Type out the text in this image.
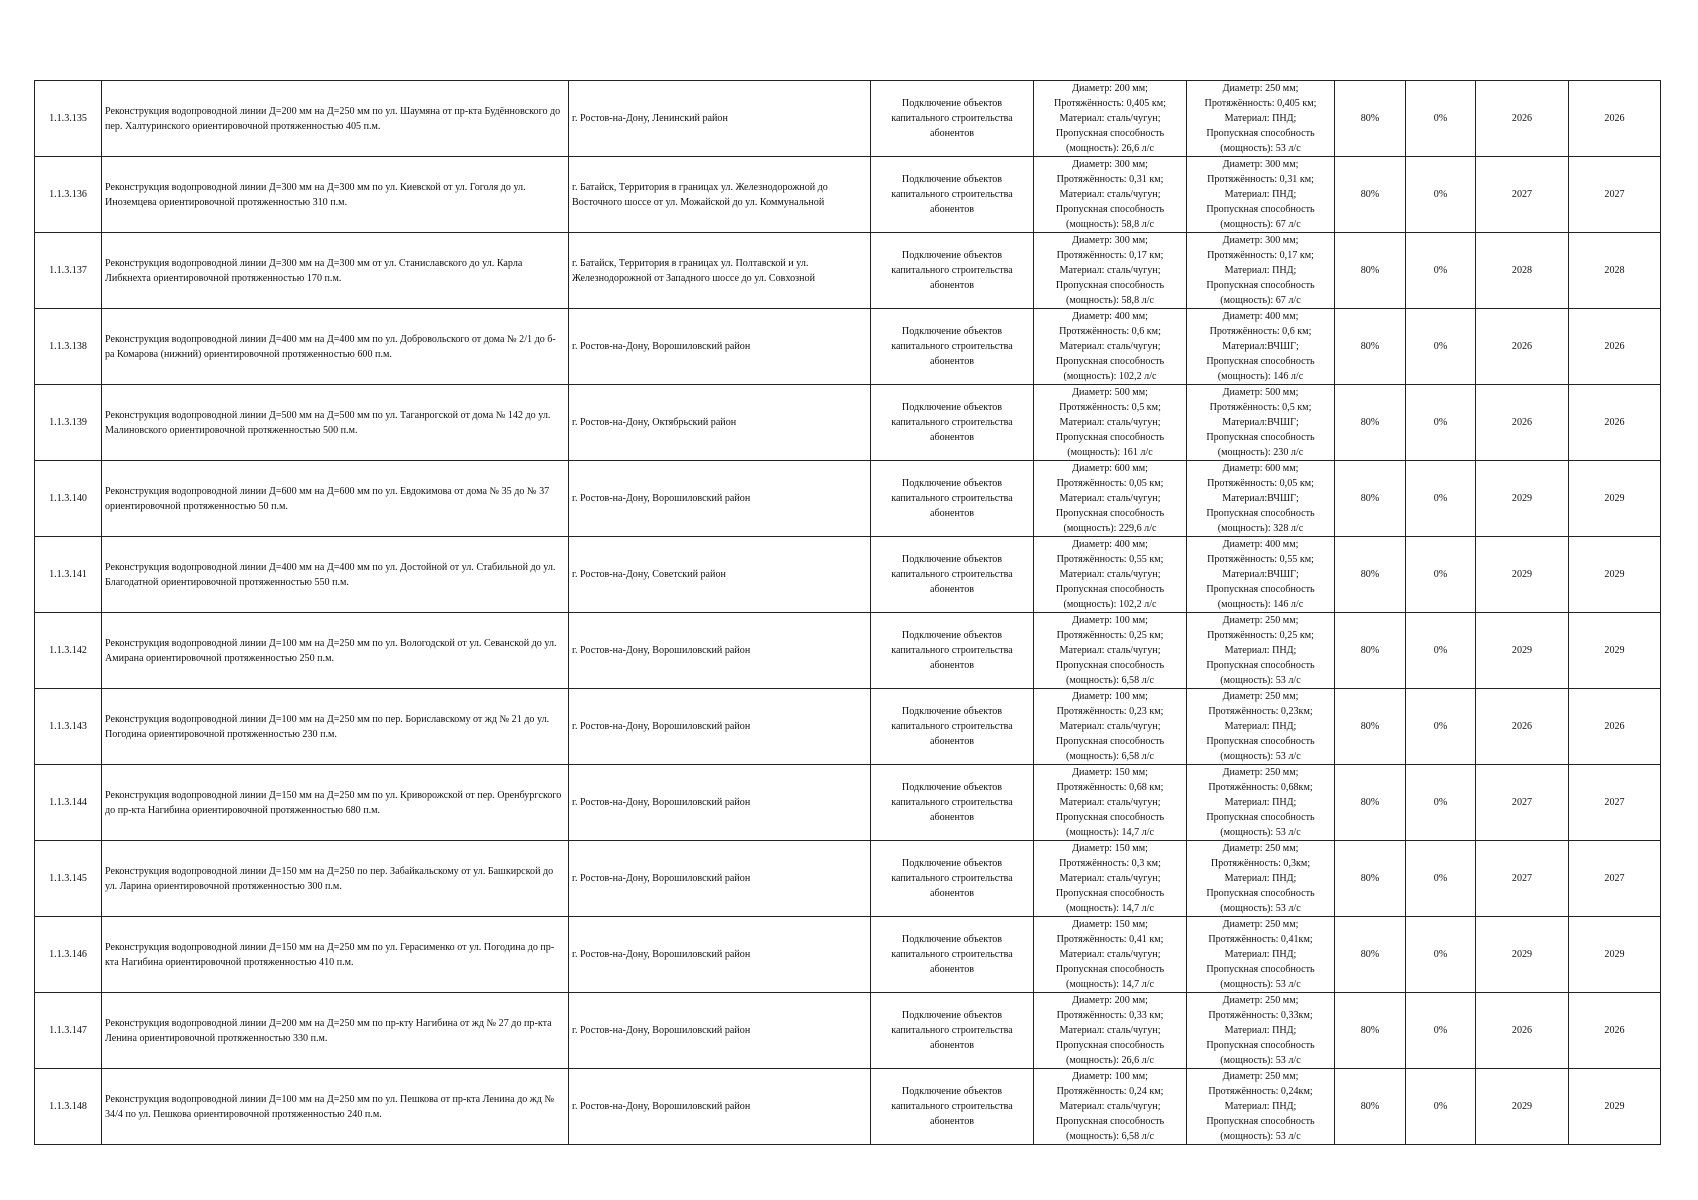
1.1.3.135	Реконструкция водопроводной линии Д=200 мм на Д=250 мм по ул. Шаумяна от пр-кта Будённовского до пер. Халтуринского ориентировочной протяженностью 405 п.м.	г. Ростов-на-Дону, Ленинский район	Подключение объектов капитального строительства абонентов	Диаметр: 200 мм;
Протяжённость: 0,405 км;
Материал: сталь/чугун;
Пропускная способность
(мощность): 26,6 л/с	Диаметр: 250 мм;
Протяжённость: 0,405 км;
Материал: ПНД;
Пропускная способность
(мощность): 53 л/с	80%	0%	2026	2026
1.1.3.136	Реконструкция водопроводной линии Д=300 мм на Д=300 мм по ул. Киевской от ул. Гоголя до ул. Иноземцева ориентировочной протяженностью 310 п.м.	г. Батайск, Территория в границах ул. Железнодорожной до Восточного шоссе от ул. Можайской до ул. Коммунальной	Подключение объектов капитального строительства абонентов	Диаметр: 300 мм;
Протяжённость: 0,31 км;
Материал: сталь/чугун;
Пропускная способность
(мощность): 58,8 л/с	Диаметр: 300 мм;
Протяжённость: 0,31 км;
Материал: ПНД;
Пропускная способность
(мощность): 67 л/с	80%	0%	2027	2027
1.1.3.137	Реконструкция водопроводной линии Д=300 мм на Д=300 мм от ул. Станиславского до ул. Карла Либкнехта ориентировочной протяженностью 170 п.м.	г. Батайск, Территория в границах ул. Полтавской и ул. Железнодорожной от Западного шоссе до ул. Совхозной	Подключение объектов капитального строительства абонентов	Диаметр: 300 мм;
Протяжённость: 0,17 км;
Материал: сталь/чугун;
Пропускная способность
(мощность): 58,8 л/с	Диаметр: 300 мм;
Протяжённость: 0,17 км;
Материал: ПНД;
Пропускная способность
(мощность): 67 л/с	80%	0%	2028	2028
1.1.3.138	Реконструкция водопроводной линии Д=400 мм на Д=400 мм по ул. Добровольского от дома № 2/1 до б-ра Комарова (нижний) ориентировочной протяженностью 600 п.м.	г. Ростов-на-Дону, Ворошиловский район	Подключение объектов капитального строительства абонентов	Диаметр: 400 мм;
Протяжённость: 0,6 км;
Материал: сталь/чугун;
Пропускная способность
(мощность): 102,2 л/с	Диаметр: 400 мм;
Протяжённость: 0,6 км;
Материал:ВЧШГ;
Пропускная способность
(мощность): 146 л/с	80%	0%	2026	2026
1.1.3.139	Реконструкция водопроводной линии Д=500 мм на Д=500 мм по ул. Таганрогской от дома № 142 до ул. Малиновского ориентировочной протяженностью 500 п.м.	г. Ростов-на-Дону, Октябрьский район	Подключение объектов капитального строительства абонентов	Диаметр: 500 мм;
Протяжённость: 0,5 км;
Материал: сталь/чугун;
Пропускная способность
(мощность): 161 л/с	Диаметр: 500 мм;
Протяжённость: 0,5 км;
Материал:ВЧШГ;
Пропускная способность
(мощность): 230 л/с	80%	0%	2026	2026
1.1.3.140	Реконструкция водопроводной линии Д=600 мм на Д=600 мм по ул. Евдокимова от дома № 35 до № 37 ориентировочной протяженностью 50 п.м.	г. Ростов-на-Дону, Ворошиловский район	Подключение объектов капитального строительства абонентов	Диаметр: 600 мм;
Протяжённость: 0,05 км;
Материал: сталь/чугун;
Пропускная способность
(мощность): 229,6 л/с	Диаметр: 600 мм;
Протяжённость: 0,05 км;
Материал:ВЧШГ;
Пропускная способность
(мощность): 328 л/с	80%	0%	2029	2029
1.1.3.141	Реконструкция водопроводной линии Д=400 мм на Д=400 мм по ул. Достойной от ул. Стабильной до ул. Благодатной ориентировочной протяженностью 550 п.м.	г. Ростов-на-Дону, Советский район	Подключение объектов капитального строительства абонентов	Диаметр: 400 мм;
Протяжённость: 0,55 км;
Материал: сталь/чугун;
Пропускная способность
(мощность): 102,2 л/с	Диаметр: 400 мм;
Протяжённость: 0,55 км;
Материал:ВЧШГ;
Пропускная способность
(мощность): 146 л/с	80%	0%	2029	2029
1.1.3.142	Реконструкция водопроводной линии Д=100 мм на Д=250 мм по ул. Вологодской от ул. Севанской до ул. Амирана ориентировочной протяженностью 250 п.м.	г. Ростов-на-Дону, Ворошиловский район	Подключение объектов капитального строительства абонентов	Диаметр: 100 мм;
Протяжённость: 0,25 км;
Материал: сталь/чугун;
Пропускная способность
(мощность): 6,58 л/с	Диаметр: 250 мм;
Протяжённость: 0,25 км;
Материал: ПНД;
Пропускная способность
(мощность): 53 л/с	80%	0%	2029	2029
1.1.3.143	Реконструкция водопроводной линии Д=100 мм на Д=250 мм по пер. Бориславскому от жд № 21 до ул. Погодина ориентировочной протяженностью 230 п.м.	г. Ростов-на-Дону, Ворошиловский район	Подключение объектов капитального строительства абонентов	Диаметр: 100 мм;
Протяжённость: 0,23 км;
Материал: сталь/чугун;
Пропускная способность
(мощность): 6,58 л/с	Диаметр: 250 мм;
Протяжённость: 0,23км;
Материал: ПНД;
Пропускная способность
(мощность): 53 л/с	80%	0%	2026	2026
1.1.3.144	Реконструкция водопроводной линии Д=150 мм на Д=250 мм по ул. Криворожской от пер. Оренбургского до пр-кта Нагибина ориентировочной протяженностью 680 п.м.	г. Ростов-на-Дону, Ворошиловский район	Подключение объектов капитального строительства абонентов	Диаметр: 150 мм;
Протяжённость: 0,68 км;
Материал: сталь/чугун;
Пропускная способность
(мощность): 14,7 л/с	Диаметр: 250 мм;
Протяжённость: 0,68км;
Материал: ПНД;
Пропускная способность
(мощность): 53 л/с	80%	0%	2027	2027
1.1.3.145	Реконструкция водопроводной линии Д=150 мм на Д=250 по пер. Забайкальскому от ул. Башкирской до ул. Ларина ориентировочной протяженностью 300 п.м.	г. Ростов-на-Дону, Ворошиловский район	Подключение объектов капитального строительства абонентов	Диаметр: 150 мм;
Протяжённость: 0,3 км;
Материал: сталь/чугун;
Пропускная способность
(мощность): 14,7 л/с	Диаметр: 250 мм;
Протяжённость: 0,3км;
Материал: ПНД;
Пропускная способность
(мощность): 53 л/с	80%	0%	2027	2027
1.1.3.146	Реконструкция водопроводной линии Д=150 мм на Д=250 мм по ул. Герасименко от ул. Погодина до пр-кта Нагибина ориентировочной протяженностью 410 п.м.	г. Ростов-на-Дону, Ворошиловский район	Подключение объектов капитального строительства абонентов	Диаметр: 150 мм;
Протяжённость: 0,41 км;
Материал: сталь/чугун;
Пропускная способность
(мощность): 14,7 л/с	Диаметр: 250 мм;
Протяжённость: 0,41км;
Материал: ПНД;
Пропускная способность
(мощность): 53 л/с	80%	0%	2029	2029
1.1.3.147	Реконструкция водопроводной линии Д=200 мм на Д=250 мм по пр-кту Нагибина от жд № 27 до пр-кта Ленина ориентировочной протяженностью 330 п.м.	г. Ростов-на-Дону, Ворошиловский район	Подключение объектов капитального строительства абонентов	Диаметр: 200 мм;
Протяжённость: 0,33 км;
Материал: сталь/чугун;
Пропускная способность
(мощность): 26,6 л/с	Диаметр: 250 мм;
Протяжённость: 0,33км;
Материал: ПНД;
Пропускная способность
(мощность): 53 л/с	80%	0%	2026	2026
1.1.3.148	Реконструкция водопроводной линии Д=100 мм на Д=250 мм по ул. Пешкова от пр-кта Ленина до жд № 34/4 по ул. Пешкова ориентировочной протяженностью 240 п.м.	г. Ростов-на-Дону, Ворошиловский район	Подключение объектов капитального строительства абонентов	Диаметр: 100 мм;
Протяжённость: 0,24 км;
Материал: сталь/чугун;
Пропускная способность
(мощность): 6,58 л/с	Диаметр: 250 мм;
Протяжённость: 0,24км;
Материал: ПНД;
Пропускная способность
(мощность): 53 л/с	80%	0%	2029	2029
